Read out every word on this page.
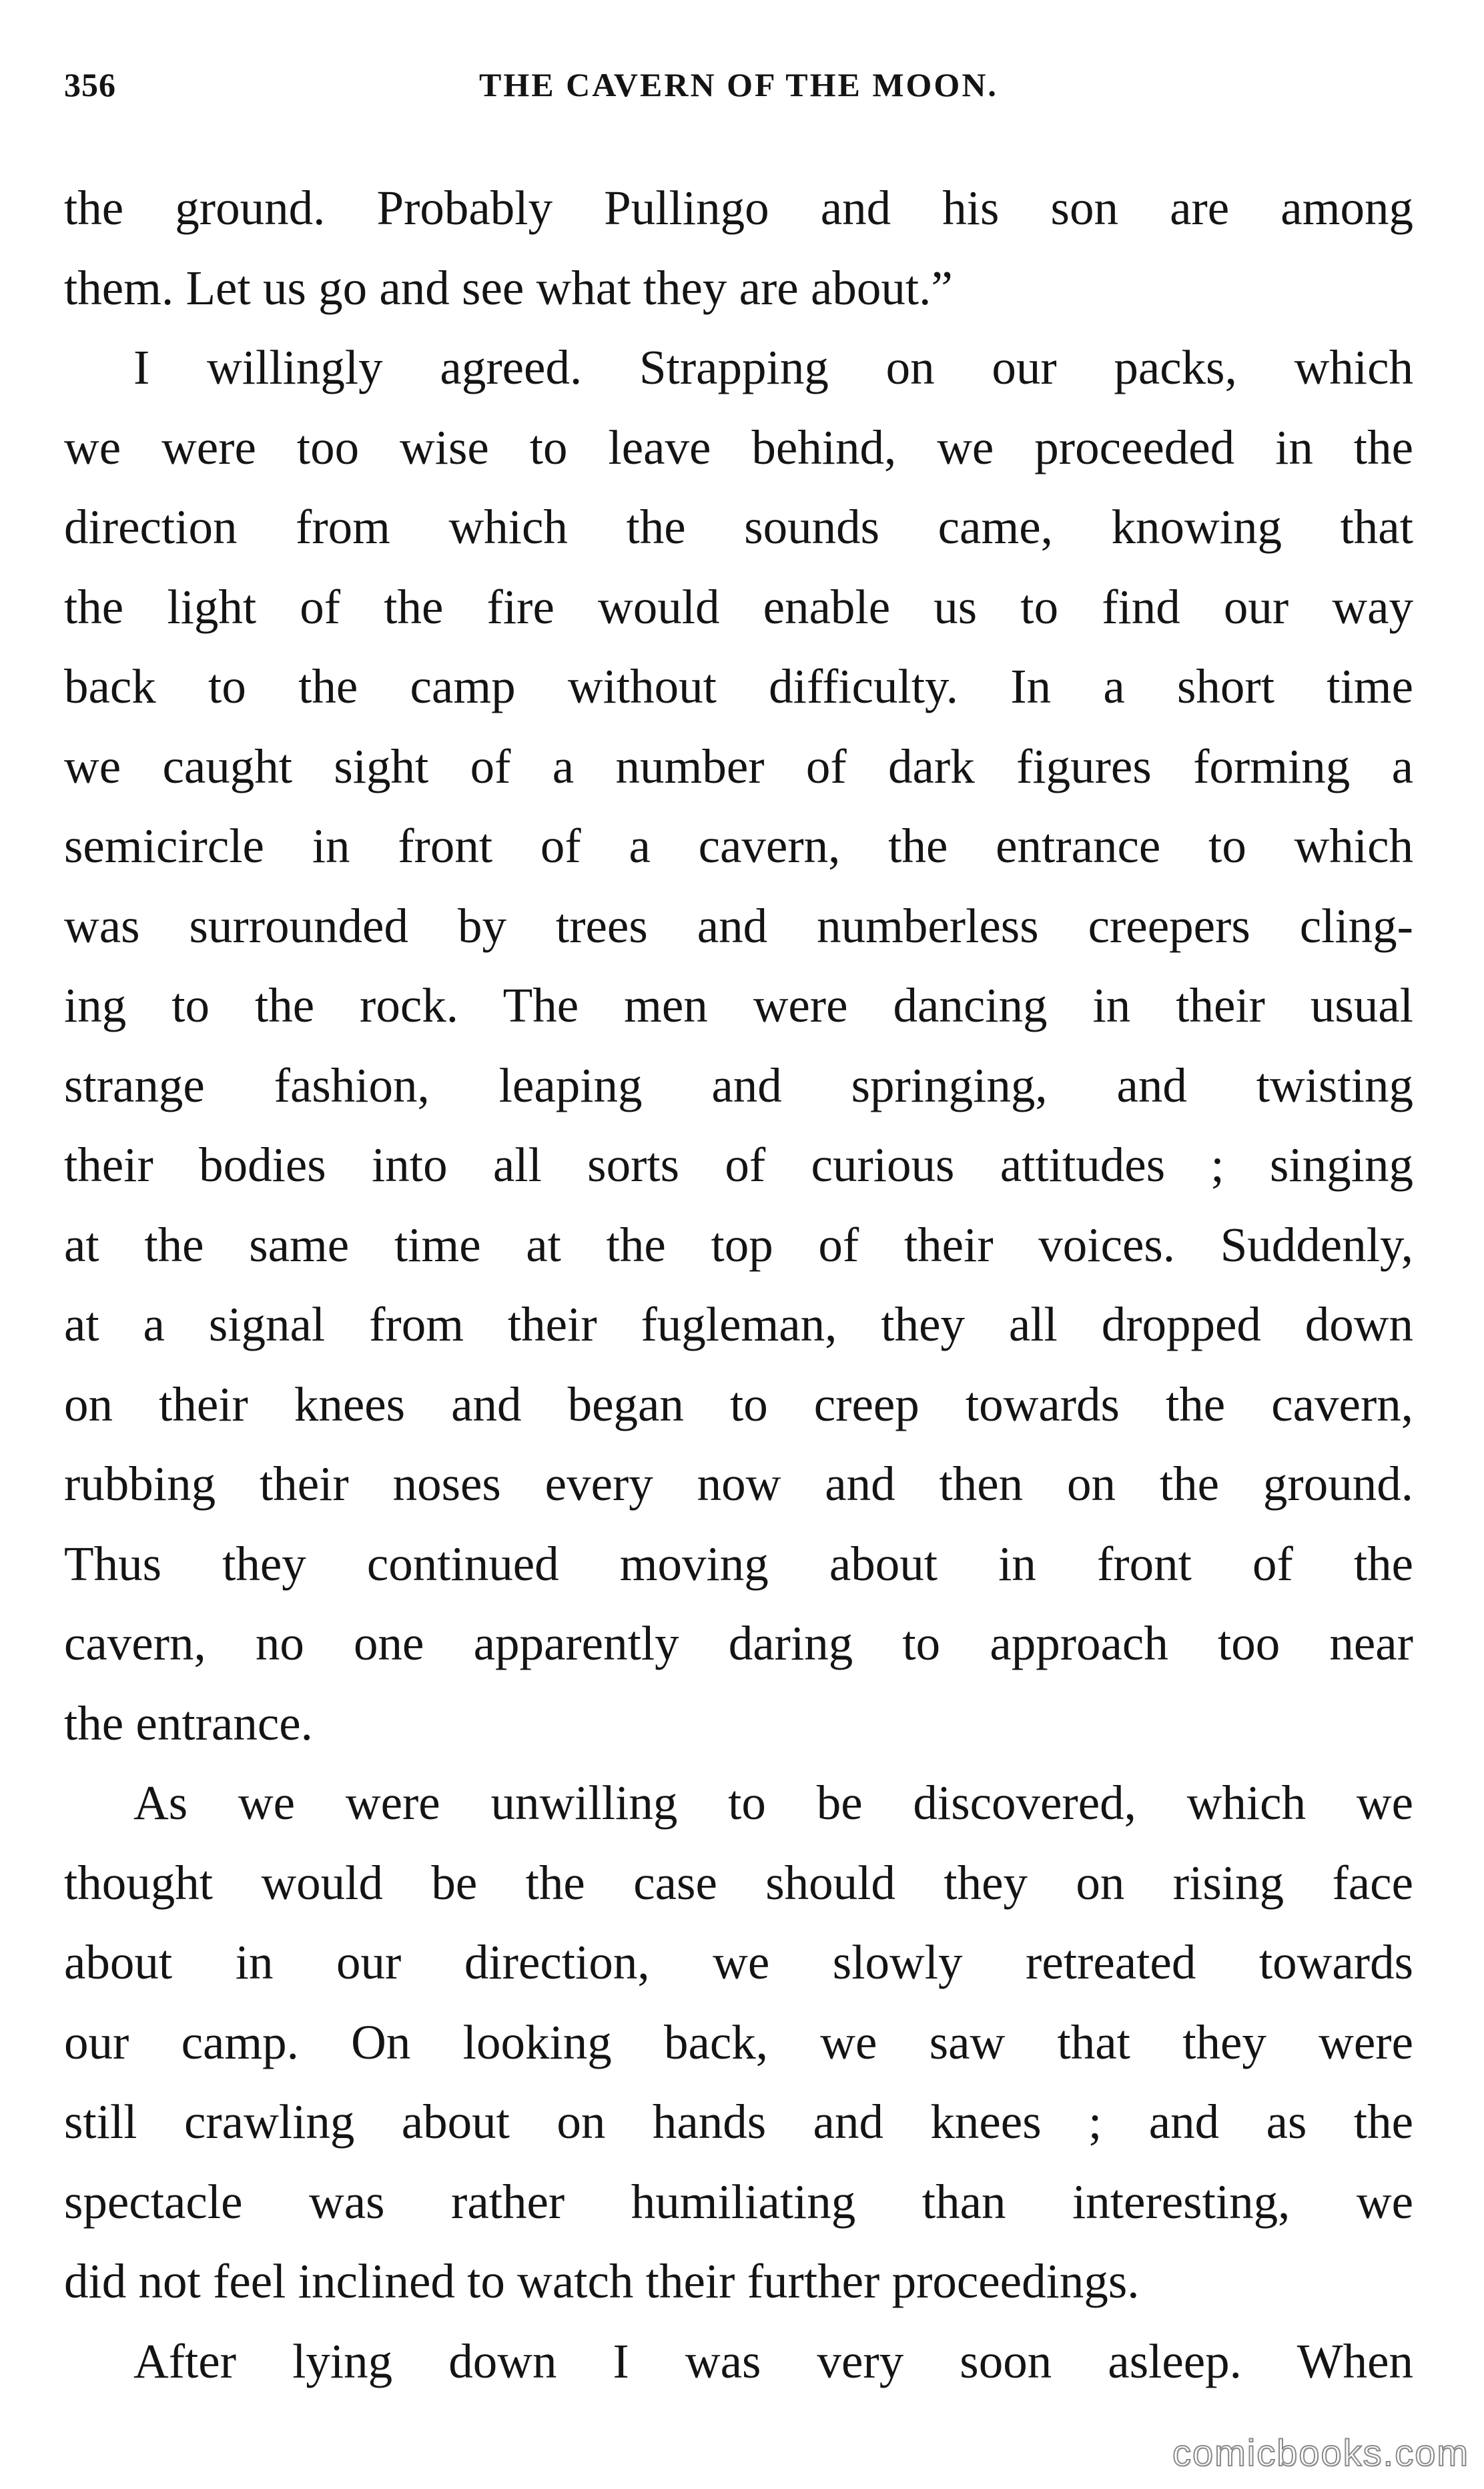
356	THE CAVERN OF THE MOON.
the ground. Probably Pullingo and his son are among
them. Let us go and see what they are about.”
I willingly agreed. Strapping on our packs, which
we were too wise to leave behind, we proceeded in the
direction from which the sounds came, knowing that
the light of the fire would enable us to find our way
back to the camp without difficulty. In a short time
we caught sight of a number of dark figures forming a
semicircle in front of a cavern, the entrance to which
was surrounded by trees and numberless creepers cling-
ing to the rock. The men were dancing in their usual
strange fashion, leaping and springing, and twisting
their bodies into all sorts of curious attitudes ; singing
at the same time at the top of their voices. Suddenly,
at a signal from their fugleman, they all dropped down
on their knees and began to creep towards the cavern,
rubbing their noses every now and then on the ground.
Thus they continued moving about in front of the
cavern, no one apparently daring to approach too near
the entrance.
As we were unwilling to be discovered, which we
thought would be the case should they on rising face
about in our direction, we slowly retreated towards
our camp. On looking back, we saw that they were
still crawling about on hands and knees ; and as the
spectacle was rather humiliating than interesting, we
did not feel inclined to watch their further proceedings.
After lying down I was very soon asleep. When
comicbooks.com
